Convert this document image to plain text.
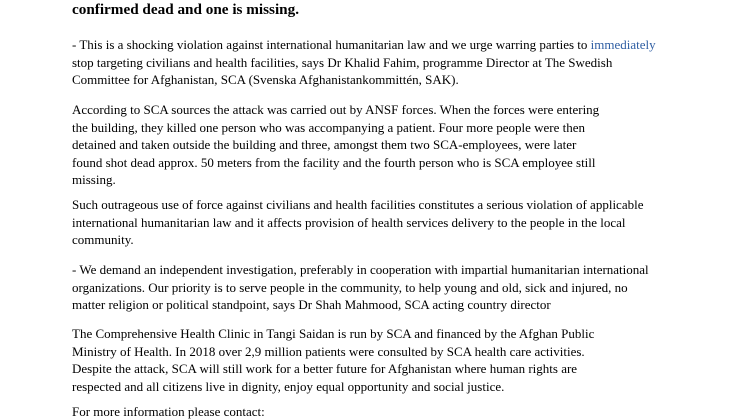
confirmed dead and one is missing.
- This is a shocking violation against international humanitarian law and we urge warring parties to immediately
stop targeting civilians and health facilities, says Dr Khalid Fahim, programme Director at The Swedish
Committee for Afghanistan, SCA (Svenska Afghanistankommittén, SAK).
According to SCA sources the attack was carried out by ANSF forces. When the forces were entering
the building, they killed one person who was accompanying a patient. Four more people were then
detained and taken outside the building and three, amongst them two SCA-employees, were later
found shot dead approx. 50 meters from the facility and the fourth person who is SCA employee still
missing.
Such outrageous use of force against civilians and health facilities constitutes a serious violation of applicable
international humanitarian law and it affects provision of health services delivery to the people in the local
community.
- We demand an independent investigation, preferably in cooperation with impartial humanitarian international
organizations. Our priority is to serve people in the community, to help young and old, sick and injured, no
matter religion or political standpoint, says Dr Shah Mahmood, SCA acting country director
The Comprehensive Health Clinic in Tangi Saidan is run by SCA and financed by the Afghan Public
Ministry of Health. In 2018 over 2,9 million patients were consulted by SCA health care activities.
Despite the attack, SCA will still work for a better future for Afghanistan where human rights are
respected and all citizens live in dignity, enjoy equal opportunity and social justice.
For more information please contact:
